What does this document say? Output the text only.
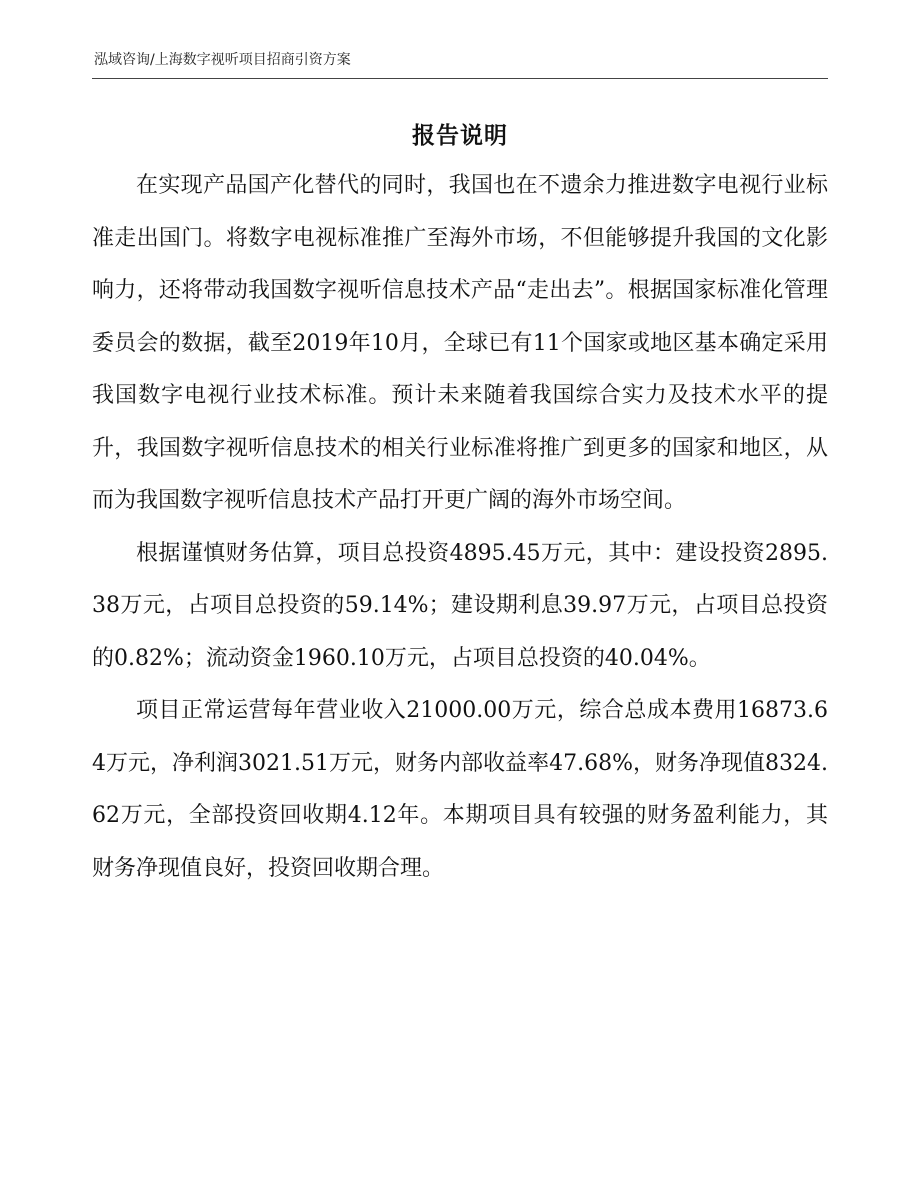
泓域咨询/上海数字视听项目招商引资方案
报告说明

在实现产品国产化替代的同时，我国也在不遗余力推进数字电视行业标准走出国门。将数字电视标准推广至海外市场，不但能够提升我国的文化影响力，还将带动我国数字视听信息技术产品“走出去”。根据国家标准化管理委员会的数据，截至2019年10月，全球已有11个国家或地区基本确定采用我国数字电视行业技术标准。预计未来随着我国综合实力及技术水平的提升，我国数字视听信息技术的相关行业标准将推广到更多的国家和地区，从而为我国数字视听信息技术产品打开更广阔的海外市场空间。

根据谨慎财务估算，项目总投资4895.45万元，其中：建设投资2895.38万元，占项目总投资的59.14%；建设期利息39.97万元，占项目总投资的0.82%；流动资金1960.10万元，占项目总投资的40.04%。

项目正常运营每年营业收入21000.00万元，综合总成本费用16873.64万元，净利润3021.51万元，财务内部收益率47.68%，财务净现值8324.62万元，全部投资回收期4.12年。本期项目具有较强的财务盈利能力，其财务净现值良好，投资回收期合理。
